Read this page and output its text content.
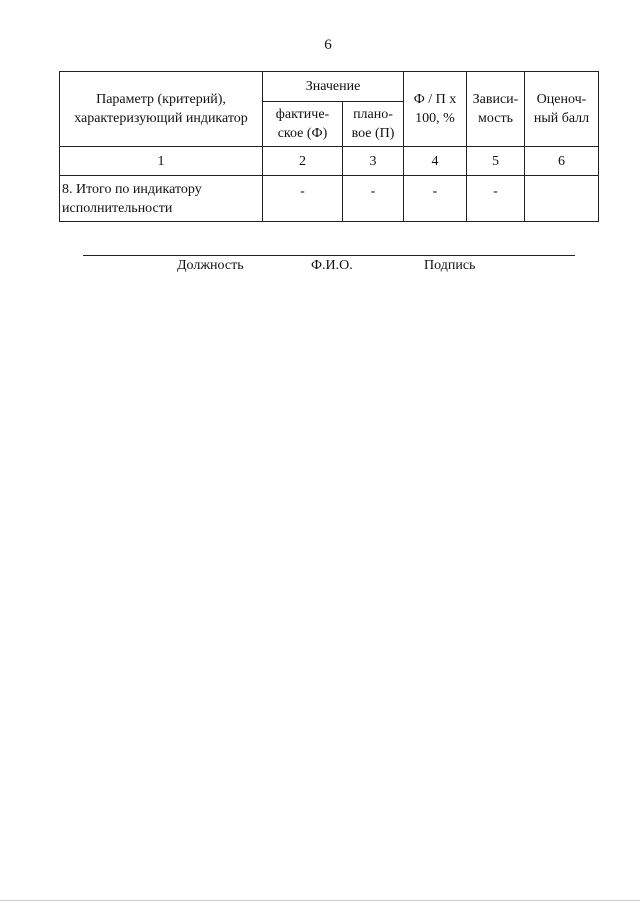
6
Параметр (критерий), характеризующий индикатор	Значение		Ф / П x 100, %	Зависи-мость	Оценоч-ный балл
	фактиче-ское (Ф)	плано-вое (П)			
1	2	3	4	5	6
8. Итого по индикатору исполнительности	-	-	-	-	
Должность	Ф.И.О.	Подпись
